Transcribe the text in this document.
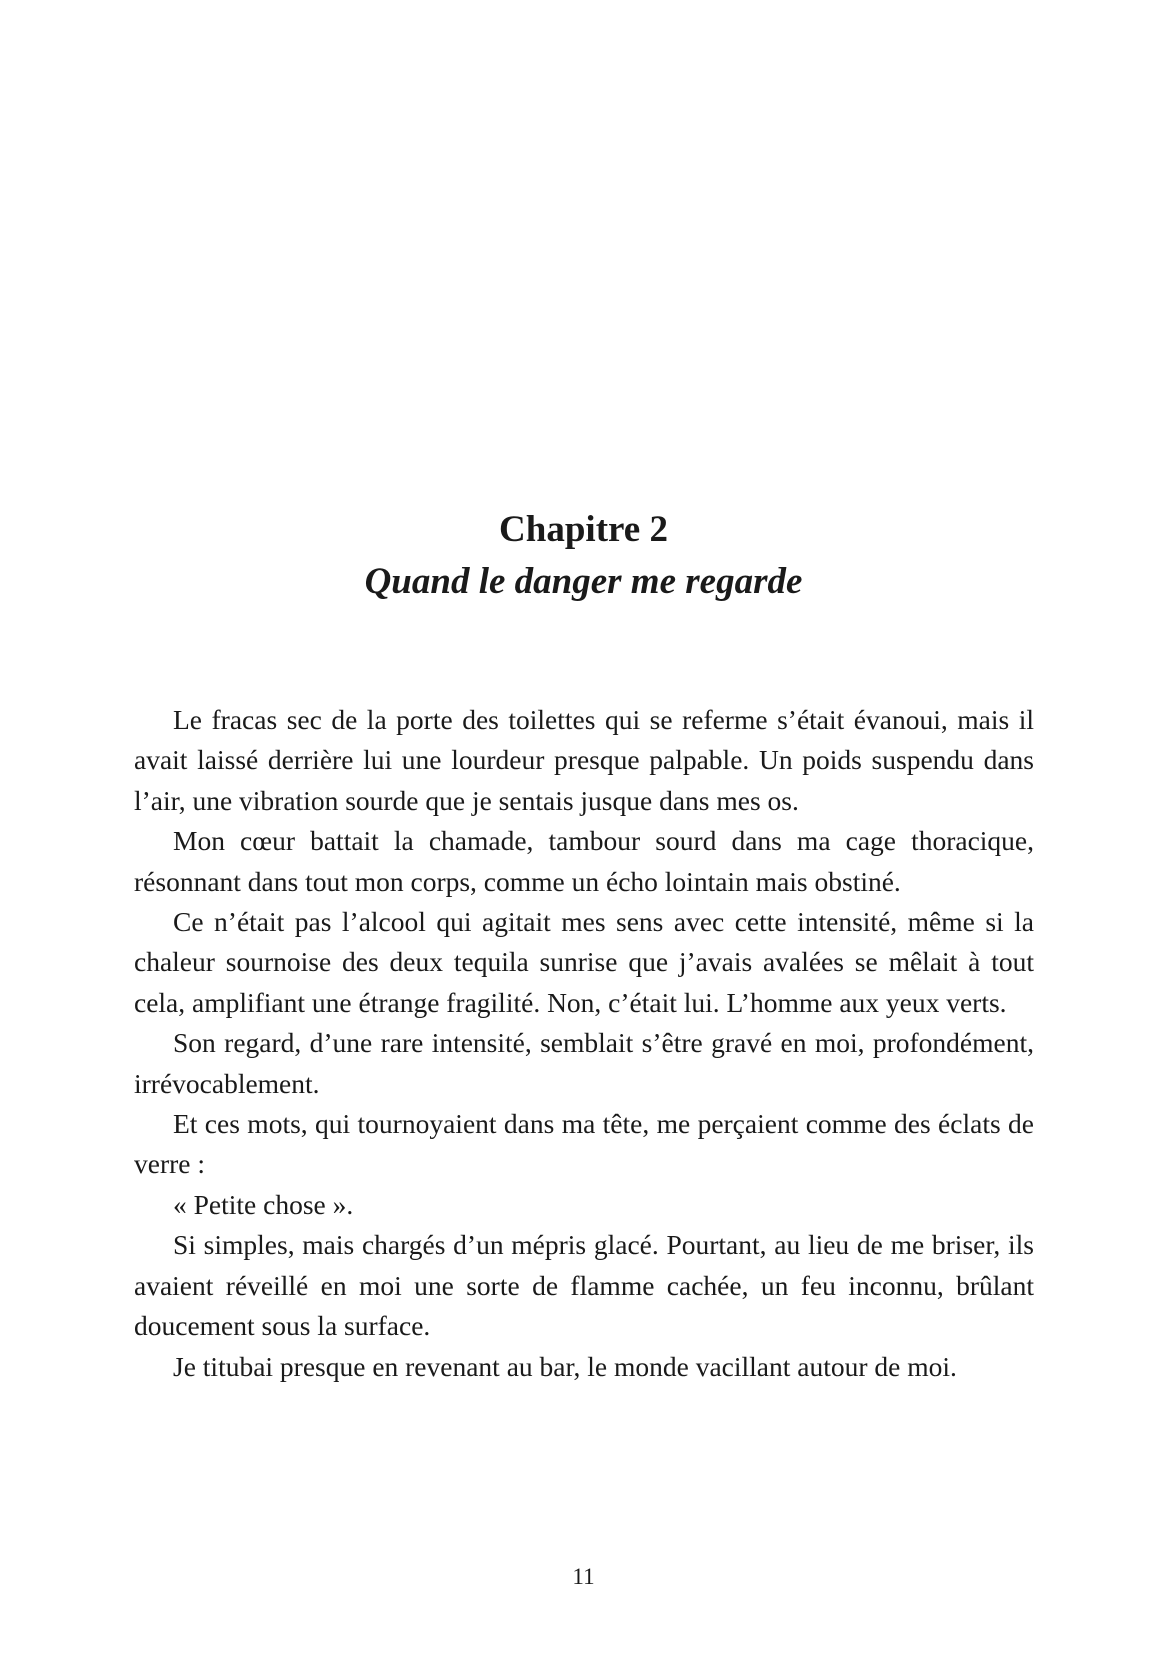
Chapitre 2
Quand le danger me regarde

Le fracas sec de la porte des toilettes qui se referme s’était évanoui, mais il avait laissé derrière lui une lourdeur presque palpable. Un poids suspendu dans l’air, une vibration sourde que je sentais jusque dans mes os.

Mon cœur battait la chamade, tambour sourd dans ma cage thoracique, résonnant dans tout mon corps, comme un écho lointain mais obstiné.

Ce n’était pas l’alcool qui agitait mes sens avec cette intensité, même si la chaleur sournoise des deux tequila sunrise que j’avais avalées se mêlait à tout cela, amplifiant une étrange fragilité. Non, c’était lui. L’homme aux yeux verts.

Son regard, d’une rare intensité, semblait s’être gravé en moi, profondément, irrévocablement.

Et ces mots, qui tournoyaient dans ma tête, me perçaient comme des éclats de verre :

« Petite chose ».

Si simples, mais chargés d’un mépris glacé. Pourtant, au lieu de me briser, ils avaient réveillé en moi une sorte de flamme cachée, un feu inconnu, brûlant doucement sous la surface.

Je titubai presque en revenant au bar, le monde vacillant autour de moi.

11
